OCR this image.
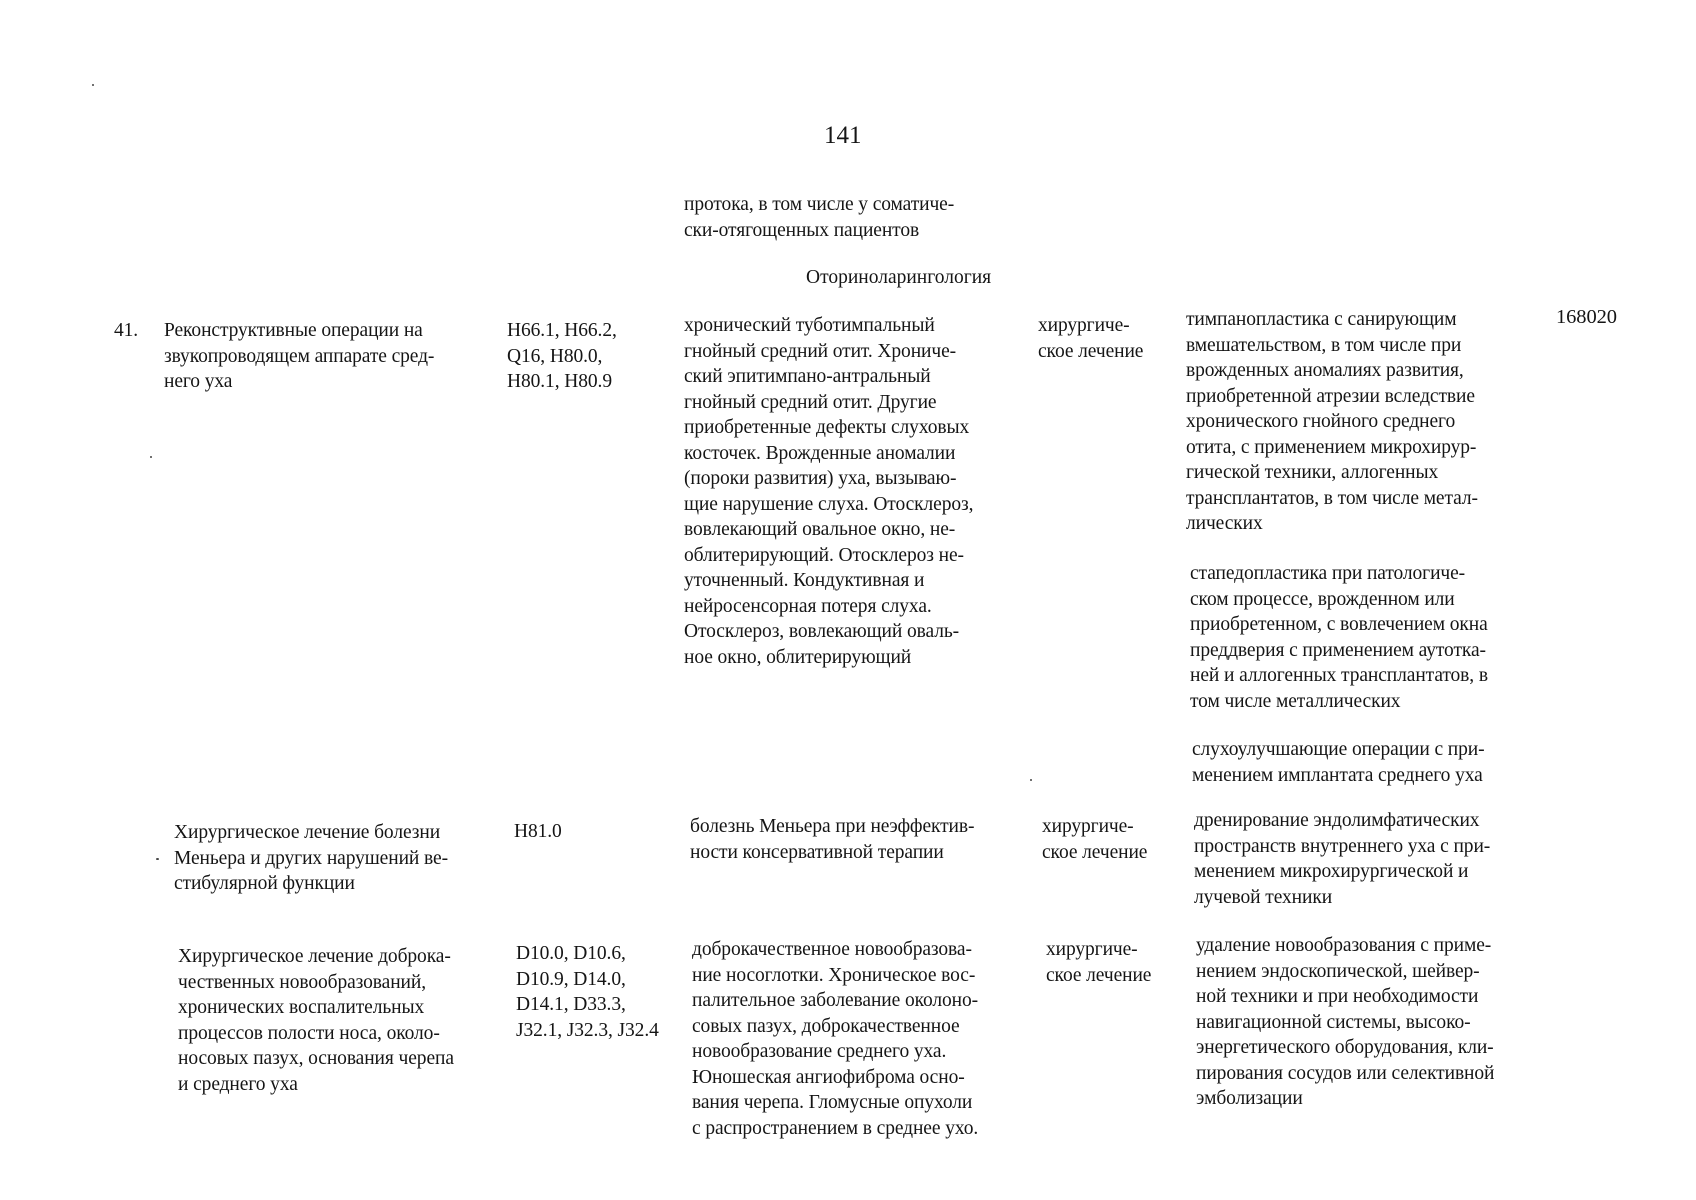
141
протока, в том числе у соматиче-
ски-отягощенных пациентов
Оториноларингология
41. Реконструктивные операции на
звукопроводящем аппарате сред-
него уха
H66.1, H66.2,
Q16, H80.0,
H80.1, H80.9
хронический туботимпальный
гнойный средний отит. Хрониче-
ский эпитимпано-антральный
гнойный средний отит. Другие
приобретенные дефекты слуховых
косточек. Врожденные аномалии
(пороки развития) уха, вызываю-
щие нарушение слуха. Отосклероз,
вовлекающий овальное окно, не-
облитерирующий. Отосклероз не-
уточненный. Кондуктивная и
нейросенсорная потеря слуха.
Отосклероз, вовлекающий оваль-
ное окно, облитерирующий
хирургиче-
ское лечение
тимпанопластика с санирующим
вмешательством, в том числе при
врожденных аномалиях развития,
приобретенной атрезии вследствие
хронического гнойного среднего
отита, с применением микрохирур-
гической техники, аллогенных
трансплантатов, в том числе метал-
лических
стапедопластика при патологиче-
ском процессе, врожденном или
приобретенном, с вовлечением окна
преддверия с применением аутотка-
ней и аллогенных трансплантатов, в
том числе металлических
слухоулучшающие операции с при-
менением имплантата среднего уха
168020
Хирургическое лечение болезни
Меньера и других нарушений ве-
стибулярной функции
H81.0	болезнь Меньера при неэффектив-
ности консервативной терапии
хирургиче-
ское лечение
дренирование эндолимфатических
пространств внутреннего уха с при-
менением микрохирургической и
лучевой техники
Хирургическое лечение доброка-
чественных новообразований,
хронических воспалительных
процессов полости носа, около-
носовых пазух, основания черепа
и среднего уха
D10.0, D10.6,
D10.9, D14.0,
D14.1, D33.3,
J32.1, J32.3, J32.4
доброкачественное новообразова-
ние носоглотки. Хроническое вос-
палительное заболевание околоно-
совых пазух, доброкачественное
новообразование среднего уха.
Юношеская ангиофиброма осно-
вания черепа. Гломусные опухоли
с распространением в среднее ухо.
хирургиче-
ское лечение
удаление новообразования с приме-
нением эндоскопической, шейвер-
ной техники и при необходимости
навигационной системы, высоко-
энергетического оборудования, кли-
пирования сосудов или селективной
эмболизации
